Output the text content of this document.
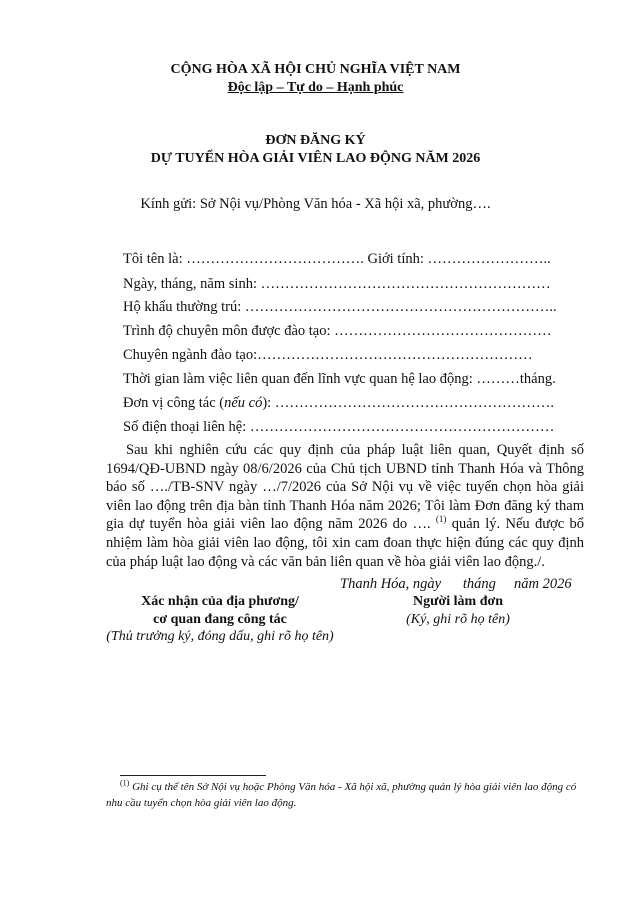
CỘNG HÒA XÃ HỘI CHỦ NGHĨA VIỆT NAM
Độc lập – Tự do – Hạnh phúc
ĐƠN ĐĂNG KÝ
DỰ TUYỂN HÒA GIẢI VIÊN LAO ĐỘNG NĂM 2026
Kính gửi: Sở Nội vụ/Phòng Văn hóa - Xã hội xã, phường….
Tôi tên là: ………………………………. Giới tính: ……………………..
Ngày, tháng, năm sinh: ……………………………………………………
Hộ khẩu thường trú: ………………………………………………………..
Trình độ chuyên môn được đào tạo: ………………………………………
Chuyên ngành đào tạo:…………………………………………………
Thời gian làm việc liên quan đến lĩnh vực quan hệ lao động: ………tháng.
Đơn vị công tác (nếu có): ………………………………………………….
Số điện thoại liên hệ: ………………………………………………………
Sau khi nghiên cứu các quy định của pháp luật liên quan, Quyết định số 1694/QĐ-UBND ngày 08/6/2026 của Chủ tịch UBND tỉnh Thanh Hóa và Thông báo số …./TB-SNV ngày …/7/2026 của Sở Nội vụ về việc tuyển chọn hòa giải viên lao động trên địa bàn tỉnh Thanh Hóa năm 2026; Tôi làm Đơn đăng ký tham gia dự tuyển hòa giải viên lao động năm 2026 do …. $^{(1)}$ quản lý. Nếu được bổ nhiệm làm hòa giải viên lao động, tôi xin cam đoan thực hiện đúng các quy định của pháp luật lao động và các văn bản liên quan về hòa giải viên lao động./.
Thanh Hóa, ngày      tháng     năm 2026
Xác nhận của địa phương/
cơ quan đang công tác
(Thủ trưởng ký, đóng dấu, ghi rõ họ tên)
Người làm đơn
(Ký, ghi rõ họ tên)
$^{(1)}$ Ghi cụ thể tên Sở Nội vụ hoặc Phòng Văn hóa - Xã hội xã, phường quản lý hòa giải viên lao động có nhu cầu tuyển chọn hòa giải viên lao động.
